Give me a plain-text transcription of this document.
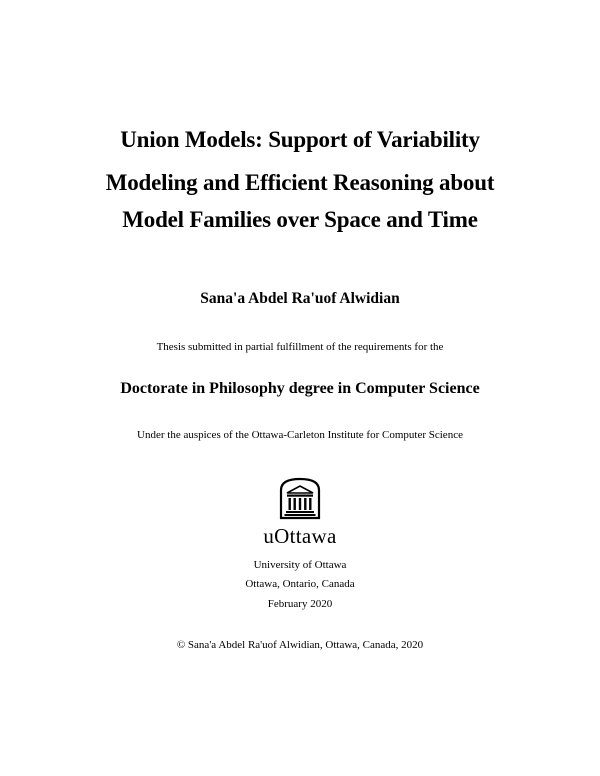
Union Models: Support of Variability
Modeling and Efficient Reasoning about
Model Families over Space and Time
Sana'a Abdel Ra'uof Alwidian
Thesis submitted in partial fulfillment of the requirements for the
Doctorate in Philosophy degree in Computer Science
Under the auspices of the Ottawa-Carleton Institute for Computer Science
uOttawa
University of Ottawa
Ottawa, Ontario, Canada
February 2020
© Sana'a Abdel Ra'uof Alwidian, Ottawa, Canada, 2020
